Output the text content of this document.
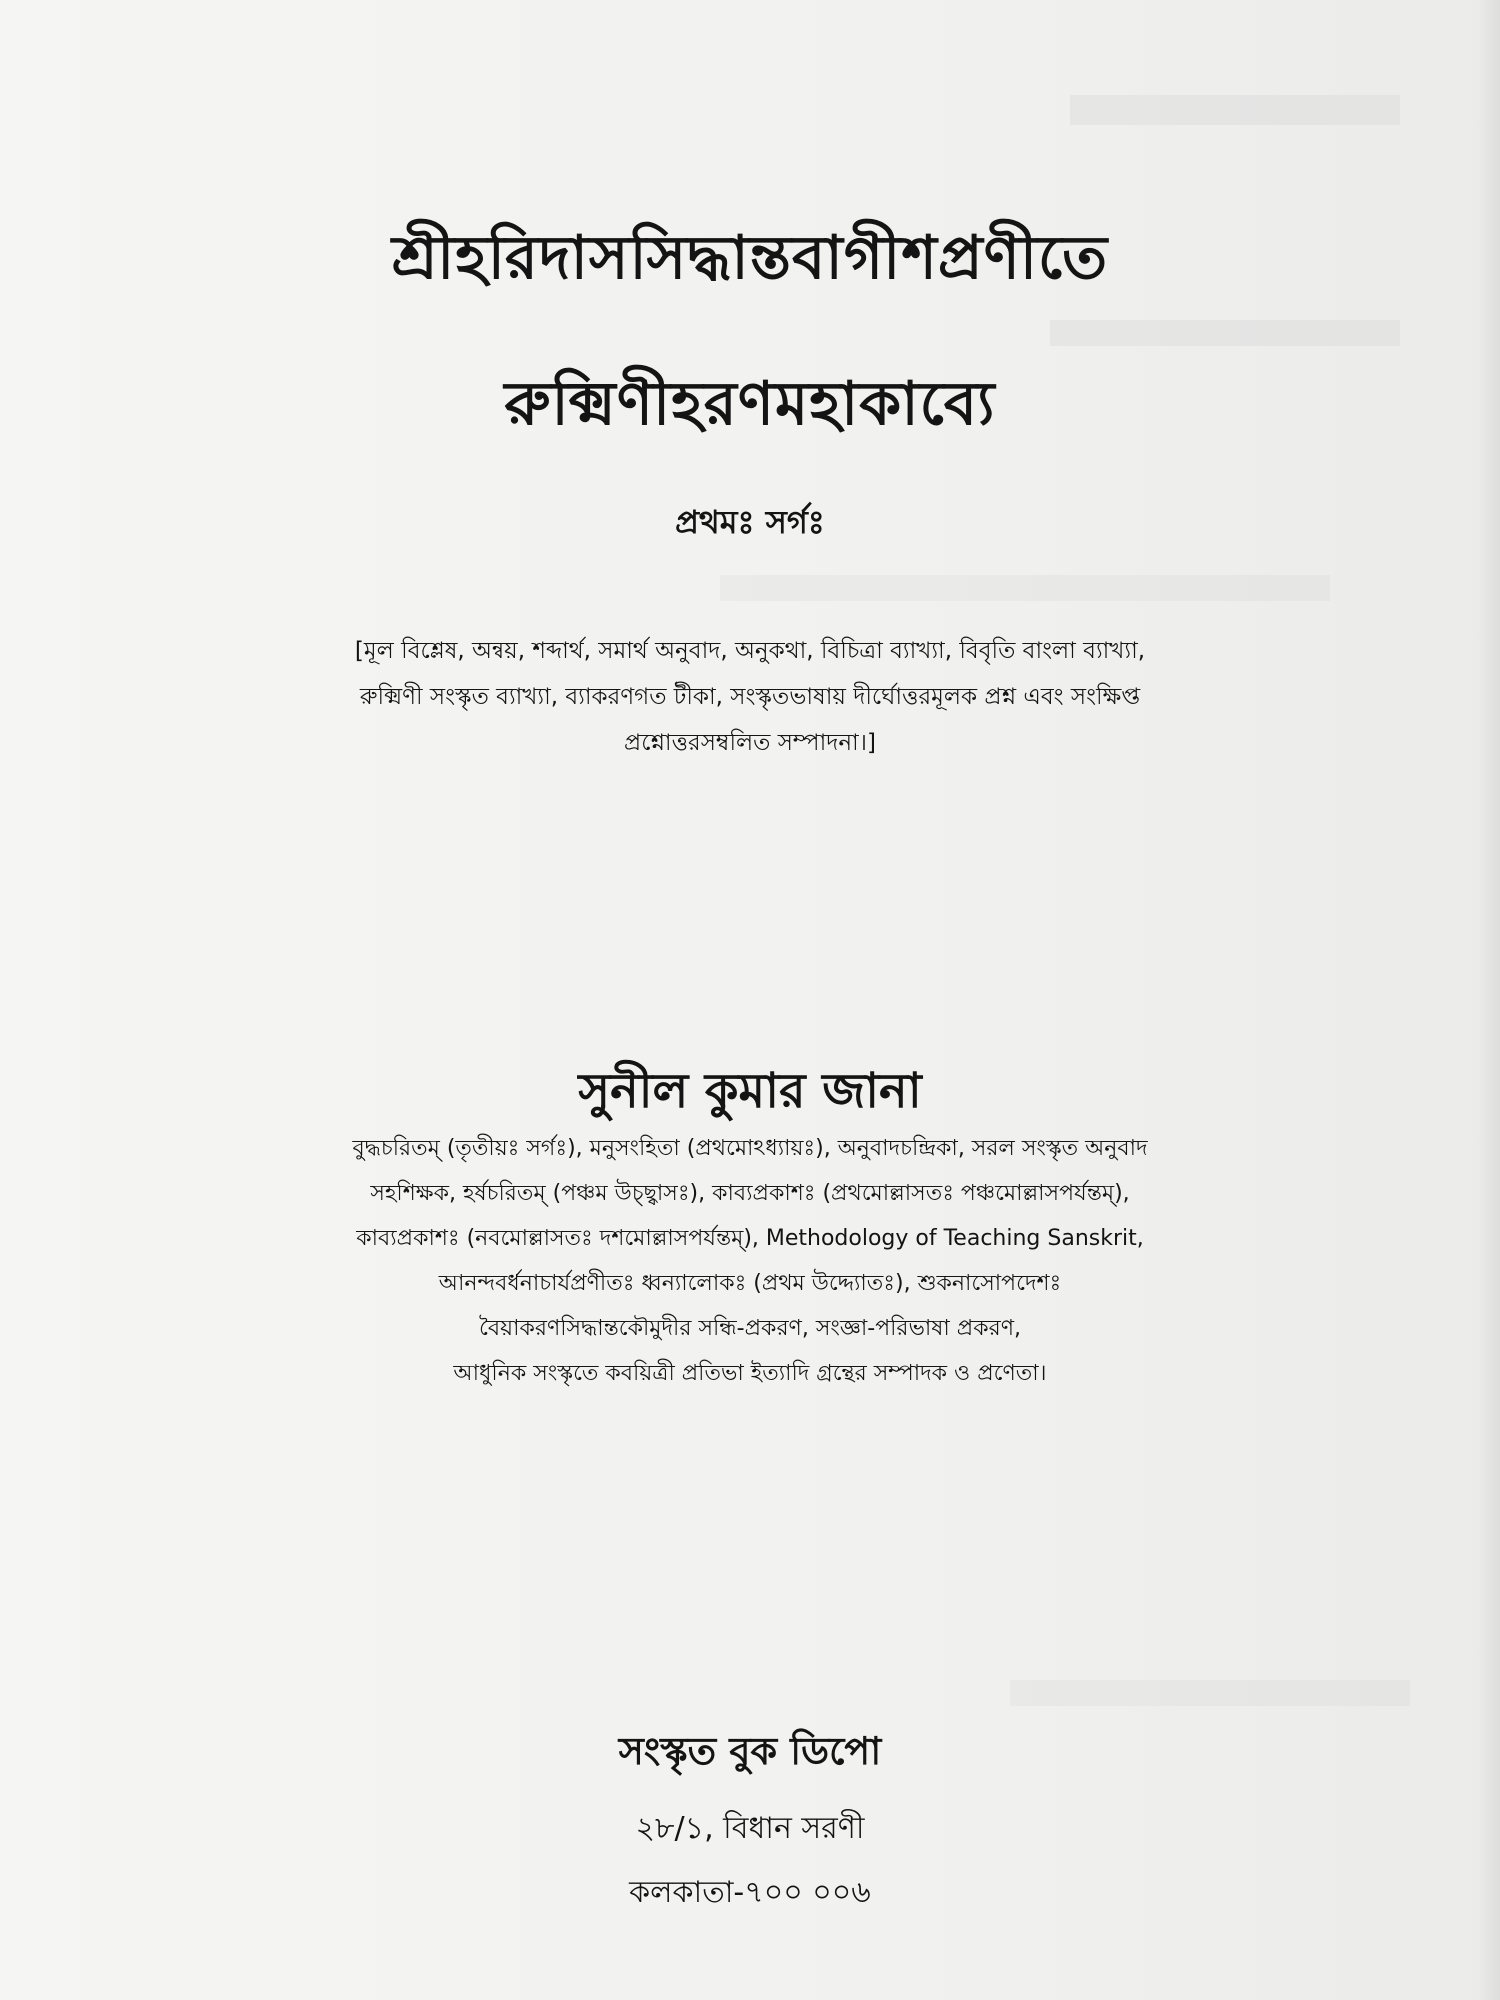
শ্রীহরিদাসসিদ্ধান্তবাগীশপ্রণীতে
রুক্মিণীহরণমহাকাব্যে
প্রথমঃ সর্গঃ
[মূল বিশ্লেষ, অন্বয়, শব্দার্থ, সমার্থ অনুবাদ, অনুকথা, বিচিত্রা ব্যাখ্যা, বিবৃতি বাংলা ব্যাখ্যা,
রুক্মিণী সংস্কৃত ব্যাখ্যা, ব্যাকরণগত টীকা, সংস্কৃতভাষায় দীর্ঘোত্তরমূলক প্রশ্ন এবং সংক্ষিপ্ত
প্রশ্নোত্তরসম্বলিত সম্পাদনা।]
সুনীল কুমার জানা
বুদ্ধচরিতম্ (তৃতীয়ঃ সর্গঃ), মনুসংহিতা (প্রথমোঽধ্যায়ঃ), অনুবাদচন্দ্রিকা, সরল সংস্কৃত অনুবাদ
সহশিক্ষক, হর্ষচরিতম্ (পঞ্চম উচ্ছ্বাসঃ), কাব্যপ্রকাশঃ (প্রথমোল্লাসতঃ পঞ্চমোল্লাসপর্যন্তম্),
কাব্যপ্রকাশঃ (নবমোল্লাসতঃ দশমোল্লাসপর্যন্তম্), Methodology of Teaching Sanskrit,
আনন্দবর্ধনাচার্যপ্রণীতঃ ধ্বন্যালোকঃ (প্রথম উদ্দ্যোতঃ), শুকনাসোপদেশঃ
বৈয়াকরণসিদ্ধান্তকৌমুদীর সন্ধি-প্রকরণ, সংজ্ঞা-পরিভাষা প্রকরণ,
আধুনিক সংস্কৃতে কবয়িত্রী প্রতিভা ইত্যাদি গ্রন্থের সম্পাদক ও প্রণেতা।
সংস্কৃত বুক ডিপো
২৮/১, বিধান সরণী
কলকাতা-৭০০ ০০৬
